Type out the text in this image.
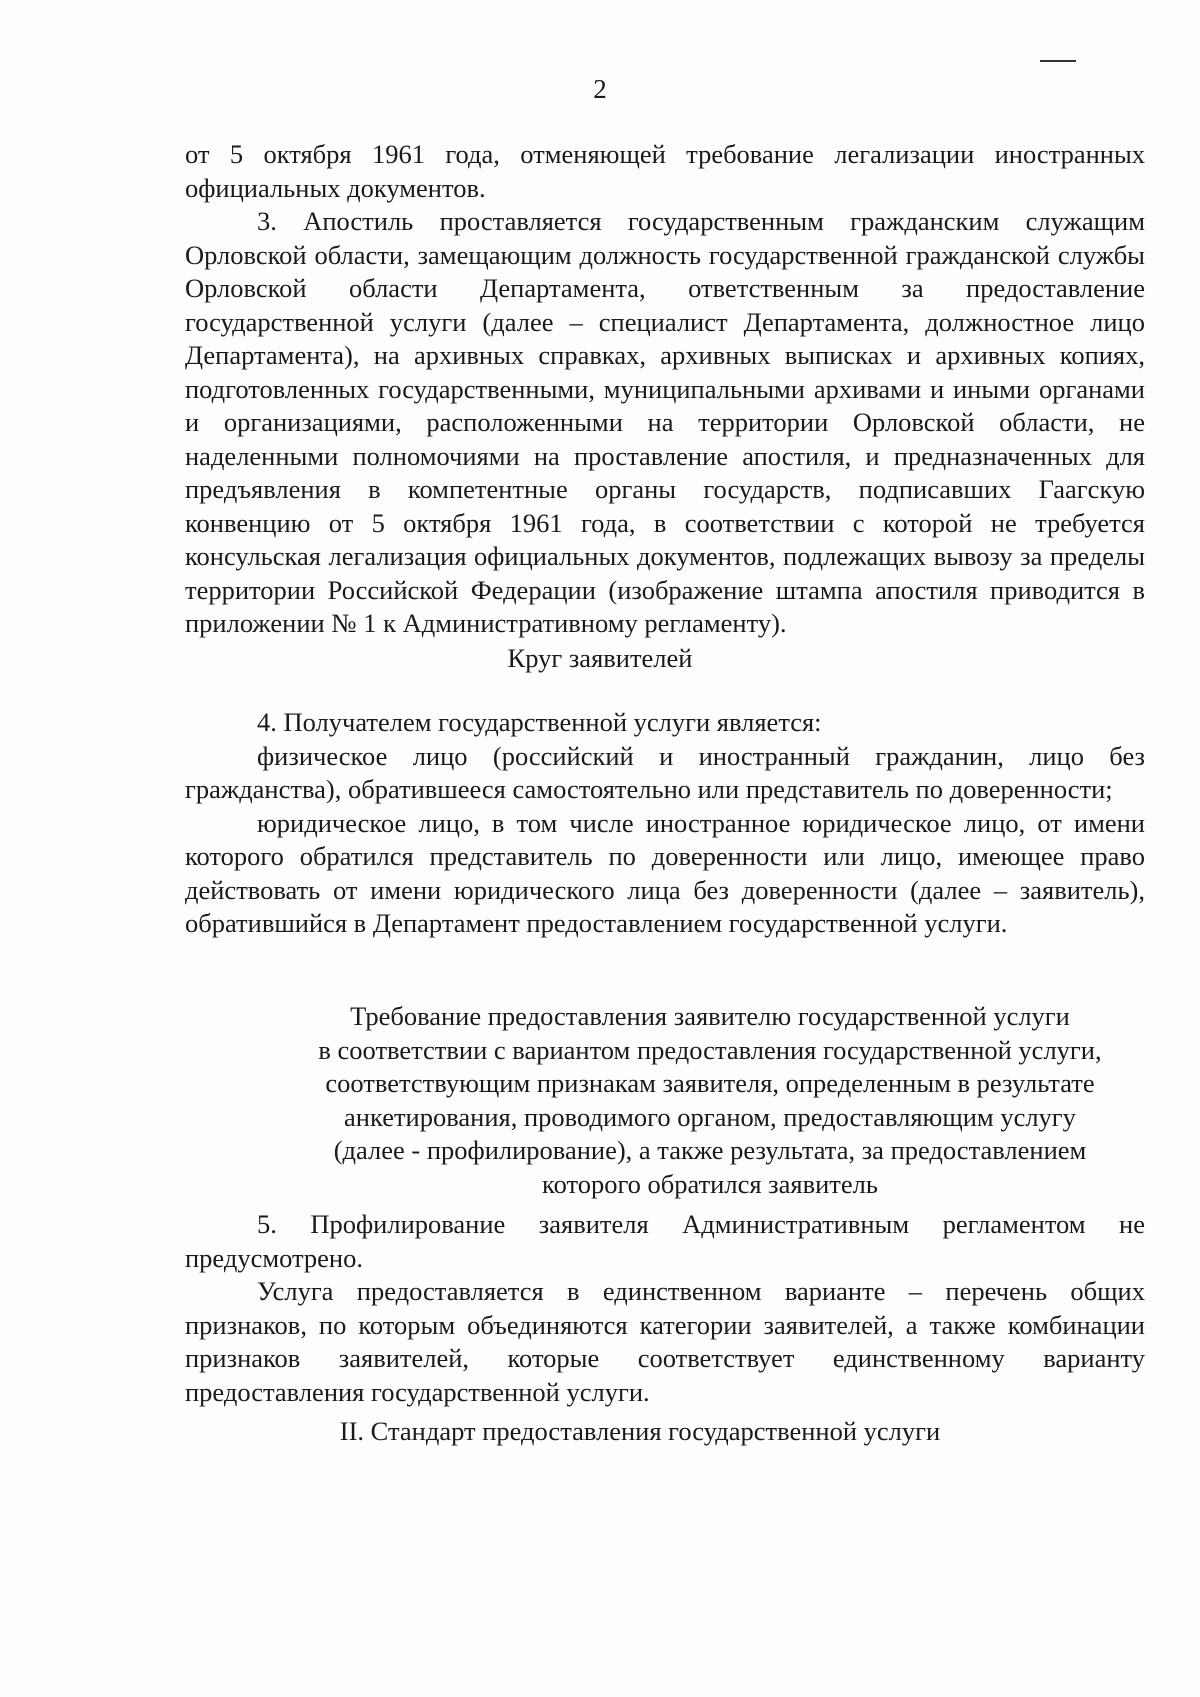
2

от 5 октября 1961 года, отменяющей требование легализации иностранных официальных документов.

3. Апостиль проставляется государственным гражданским служащим Орловской области, замещающим должность государственной гражданской службы Орловской области Департамента, ответственным за предоставление государственной услуги (далее – специалист Департамента, должностное лицо Департамента), на архивных справках, архивных выписках и архивных копиях, подготовленных государственными, муниципальными архивами и иными органами и организациями, расположенными на территории Орловской области, не наделенными полномочиями на проставление апостиля, и предназначенных для предъявления в компетентные органы государств, подписавших Гаагскую конвенцию от 5 октября 1961 года, в соответствии с которой не требуется консульская легализация официальных документов, подлежащих вывозу за пределы территории Российской Федерации (изображение штампа апостиля приводится в приложении № 1 к Административному регламенту).

Круг заявителей

4. Получателем государственной услуги является:

физическое лицо (российский и иностранный гражданин, лицо без гражданства), обратившееся самостоятельно или представитель по доверенности;

юридическое лицо, в том числе иностранное юридическое лицо, от имени которого обратился представитель по доверенности или лицо, имеющее право действовать от имени юридического лица без доверенности (далее – заявитель), обратившийся в Департамент предоставлением государственной услуги.

Требование предоставления заявителю государственной услуги
в соответствии с вариантом предоставления государственной услуги,
соответствующим признакам заявителя, определенным в результате
анкетирования, проводимого органом, предоставляющим услугу
(далее - профилирование), а также результата, за предоставлением
которого обратился заявитель

5. Профилирование заявителя Административным регламентом не предусмотрено.

Услуга предоставляется в единственном варианте – перечень общих признаков, по которым объединяются категории заявителей, а также комбинации признаков заявителей, которые соответствует единственному варианту предоставления государственной услуги.

II. Стандарт предоставления государственной услуги
